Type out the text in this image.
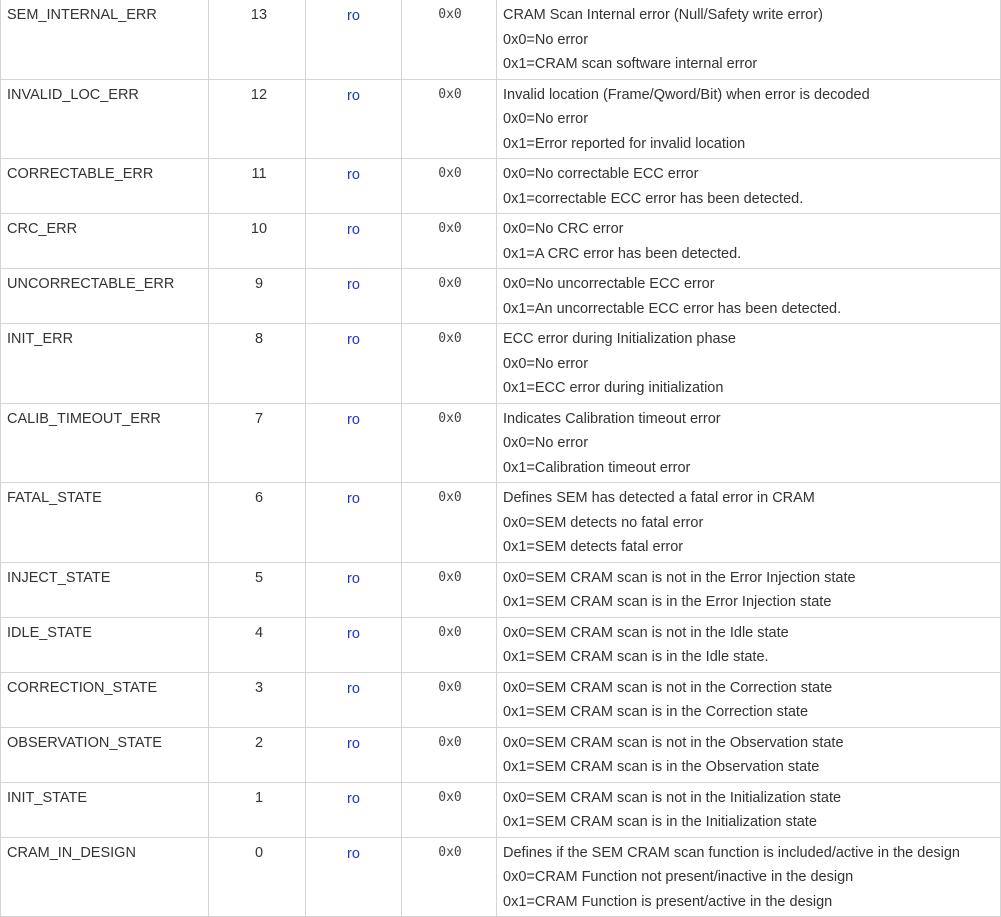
SEM_INTERNAL_ERR	13	ro	0x0	CRAM Scan Internal error (Null/Safety write error)
0x0=No error
0x1=CRAM scan software internal error

INVALID_LOC_ERR	12	ro	0x0	Invalid location (Frame/Qword/Bit) when error is decoded
0x0=No error
0x1=Error reported for invalid location

CORRECTABLE_ERR	11	ro	0x0	0x0=No correctable ECC error
0x1=correctable ECC error has been detected.

CRC_ERR	10	ro	0x0	0x0=No CRC error
0x1=A CRC error has been detected.

UNCORRECTABLE_ERR	9	ro	0x0	0x0=No uncorrectable ECC error
0x1=An uncorrectable ECC error has been detected.

INIT_ERR	8	ro	0x0	ECC error during Initialization phase
0x0=No error
0x1=ECC error during initialization

CALIB_TIMEOUT_ERR	7	ro	0x0	Indicates Calibration timeout error
0x0=No error
0x1=Calibration timeout error

FATAL_STATE	6	ro	0x0	Defines SEM has detected a fatal error in CRAM
0x0=SEM detects no fatal error
0x1=SEM detects fatal error

INJECT_STATE	5	ro	0x0	0x0=SEM CRAM scan is not in the Error Injection state
0x1=SEM CRAM scan is in the Error Injection state

IDLE_STATE	4	ro	0x0	0x0=SEM CRAM scan is not in the Idle state
0x1=SEM CRAM scan is in the Idle state.

CORRECTION_STATE	3	ro	0x0	0x0=SEM CRAM scan is not in the Correction state
0x1=SEM CRAM scan is in the Correction state

OBSERVATION_STATE	2	ro	0x0	0x0=SEM CRAM scan is not in the Observation state
0x1=SEM CRAM scan is in the Observation state

INIT_STATE	1	ro	0x0	0x0=SEM CRAM scan is not in the Initialization state
0x1=SEM CRAM scan is in the Initialization state

CRAM_IN_DESIGN	0	ro	0x0	Defines if the SEM CRAM scan function is included/active in the design
0x0=CRAM Function not present/inactive in the design
0x1=CRAM Function is present/active in the design
